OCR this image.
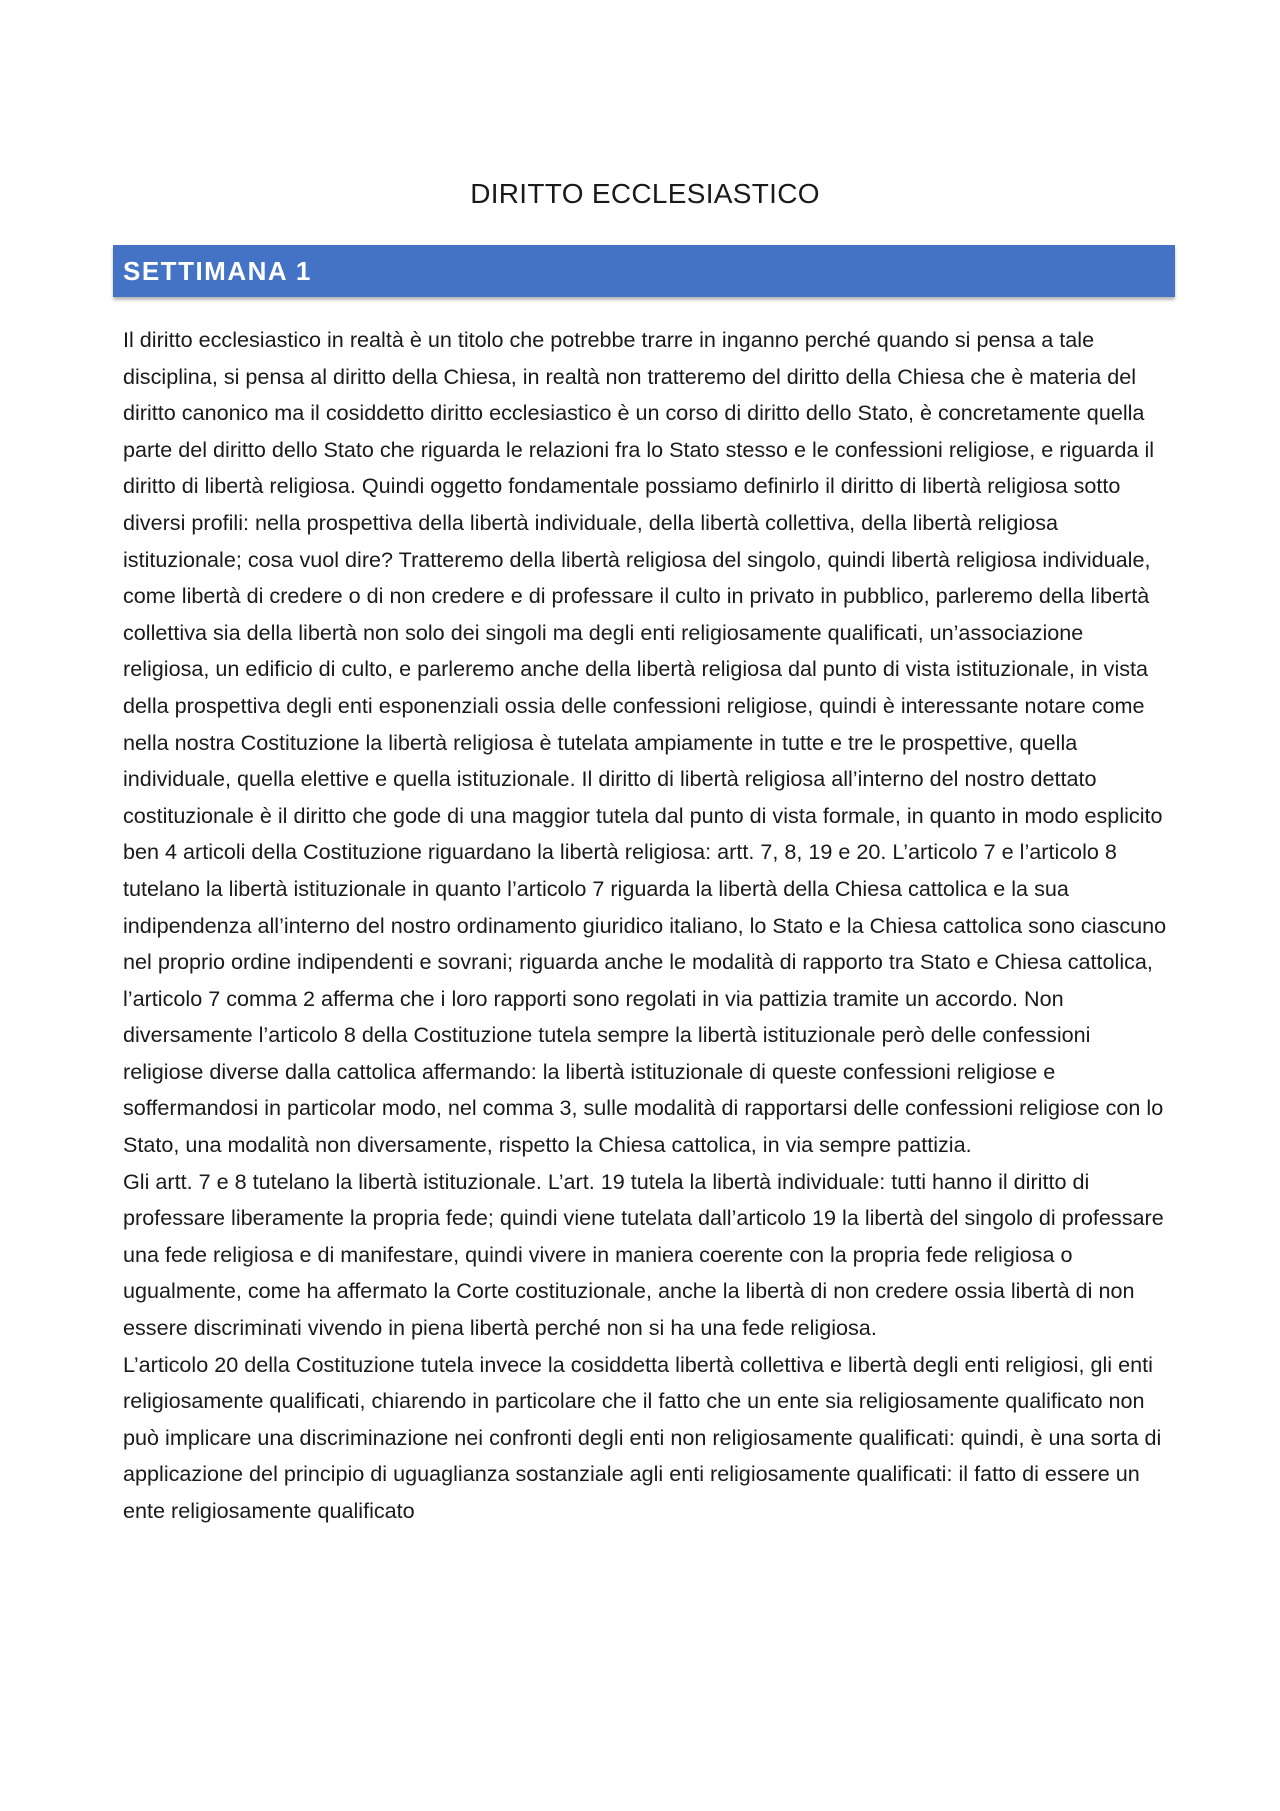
DIRITTO ECCLESIASTICO
SETTIMANA 1

Il diritto ecclesiastico in realtà è un titolo che potrebbe trarre in inganno perché quando si pensa a tale disciplina, si pensa al diritto della Chiesa, in realtà non tratteremo del diritto della Chiesa che è materia del diritto canonico ma il cosiddetto diritto ecclesiastico è un corso di diritto dello Stato, è concretamente quella parte del diritto dello Stato che riguarda le relazioni fra lo Stato stesso e le confessioni religiose, e riguarda il diritto di libertà religiosa. Quindi oggetto fondamentale possiamo definirlo il diritto di libertà religiosa sotto diversi profili: nella prospettiva della libertà individuale, della libertà collettiva, della libertà religiosa istituzionale; cosa vuol dire? Tratteremo della libertà religiosa del singolo, quindi libertà religiosa individuale, come libertà di credere o di non credere e di professare il culto in privato in pubblico, parleremo della libertà collettiva sia della libertà non solo dei singoli ma degli enti religiosamente qualificati, un’associazione religiosa, un edificio di culto, e parleremo anche della libertà religiosa dal punto di vista istituzionale, in vista della prospettiva degli enti esponenziali ossia delle confessioni religiose, quindi è interessante notare come nella nostra Costituzione la libertà religiosa è tutelata ampiamente in tutte e tre le prospettive, quella individuale, quella elettive e quella istituzionale. Il diritto di libertà religiosa all’interno del nostro dettato costituzionale è il diritto che gode di una maggior tutela dal punto di vista formale, in quanto in modo esplicito ben 4 articoli della Costituzione riguardano la libertà religiosa: artt. 7, 8, 19 e 20. L’articolo 7 e l’articolo 8 tutelano la libertà istituzionale in quanto l’articolo 7 riguarda la libertà della Chiesa cattolica e la sua indipendenza all’interno del nostro ordinamento giuridico italiano, lo Stato e la Chiesa cattolica sono ciascuno nel proprio ordine indipendenti e sovrani; riguarda anche le modalità di rapporto tra Stato e Chiesa cattolica, l’articolo 7 comma 2 afferma che i loro rapporti sono regolati in via pattizia tramite un accordo. Non diversamente l’articolo 8 della Costituzione tutela sempre la libertà istituzionale però delle confessioni religiose diverse dalla cattolica affermando: la libertà istituzionale di queste confessioni religiose e soffermandosi in particolar modo, nel comma 3, sulle modalità di rapportarsi delle confessioni religiose con lo Stato, una modalità non diversamente, rispetto la Chiesa cattolica, in via sempre pattizia.

Gli artt. 7 e 8 tutelano la libertà istituzionale. L’art. 19 tutela la libertà individuale: tutti hanno il diritto di professare liberamente la propria fede; quindi viene tutelata dall’articolo 19 la libertà del singolo di professare una fede religiosa e di manifestare, quindi vivere in maniera coerente con la propria fede religiosa o ugualmente, come ha affermato la Corte costituzionale, anche la libertà di non credere ossia libertà di non essere discriminati vivendo in piena libertà perché non si ha una fede religiosa.

L’articolo 20 della Costituzione tutela invece la cosiddetta libertà collettiva e libertà degli enti religiosi, gli enti religiosamente qualificati, chiarendo in particolare che il fatto che un ente sia religiosamente qualificato non può implicare una discriminazione nei confronti degli enti non religiosamente qualificati: quindi, è una sorta di applicazione del principio di uguaglianza sostanziale agli enti religiosamente qualificati: il fatto di essere un ente religiosamente qualificato
